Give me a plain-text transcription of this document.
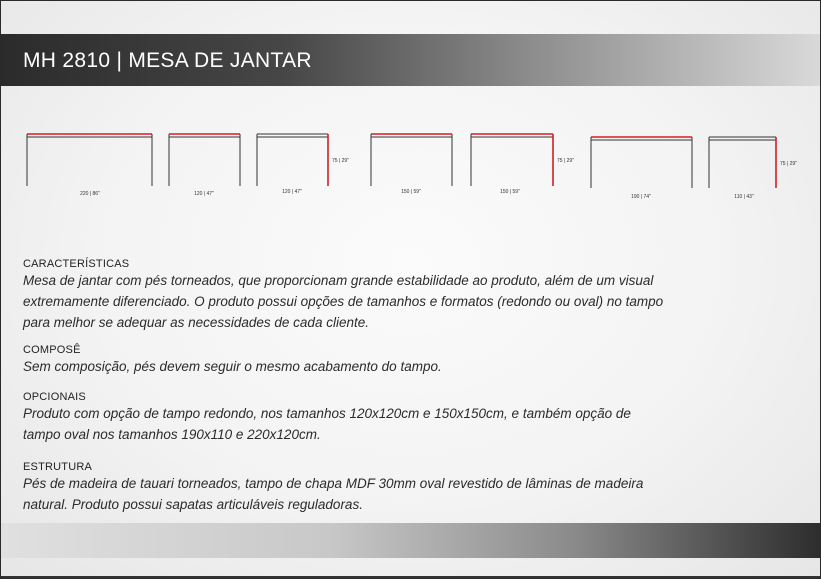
MH 2810 | MESA DE JANTAR
220 | 86"	120 | 47"
75 | 29"
120 | 47"	150 | 59"
75 | 29"
150 | 59"
190 | 74"
75 | 29"
110 | 43"

CARACTERÍSTICAS

Mesa de jantar com pés torneados, que proporcionam grande estabilidade ao produto, além de um visual

extremamente diferenciado. O produto possui opções de tamanhos e formatos (redondo ou oval) no tampo

para melhor se adequar as necessidades de cada cliente.

COMPOSÊ

Sem composição, pés devem seguir o mesmo acabamento do tampo.

OPCIONAIS

Produto com opção de tampo redondo, nos tamanhos 120x120cm e 150x150cm, e também opção de

tampo oval nos tamanhos 190x110 e 220x120cm.

ESTRUTURA

Pés de madeira de tauari torneados, tampo de chapa MDF 30mm oval revestido de lâminas de madeira

natural. Produto possui sapatas articuláveis reguladoras.
